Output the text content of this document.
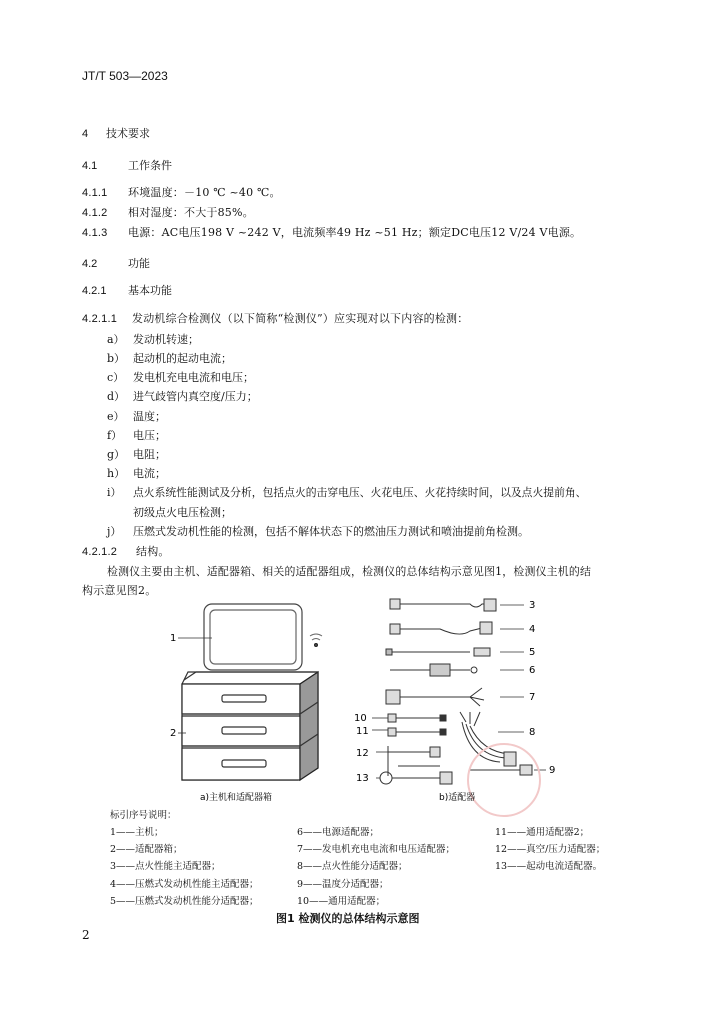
JT/T 503—2023
4 技术要求
4.1	工作条件
4.1.1 环境温度：－10 ℃ ~40 ℃。
4.1.2 相对湿度：不大于85%。
4.1.3 电源：AC电压198 V ~242 V，电流频率49 Hz ~51 Hz；额定DC电压12 V/24 V电源。
4.2	功能
4.2.1 基本功能
4.2.1.1 发动机综合检测仪（以下简称“检测仪”）应实现对以下内容的检测：
a） 发动机转速；
b） 起动机的起动电流；
c） 发电机充电电流和电压；
d） 进气歧管内真空度/压力；
e） 温度；
f） 电压；
g） 电阻；
h） 电流；
i） 点火系统性能测试及分析，包括点火的击穿电压、火花电压、火花持续时间，以及点火提前角、
初级点火电压检测；
j） 压燃式发动机性能的检测，包括不解体状态下的燃油压力测试和喷油提前角检测。
4.2.1.2 结构。
检测仪主要由主机、适配器箱、相关的适配器组成，检测仪的总体结构示意见图1，检测仪主机的结
构示意见图2。
1
2
3
4
5
6
7
8
9
10
11
12
13
a)主机和适配器箱	b)适配器
标引序号说明：
1——主机；
2——适配器箱；
3——点火性能主适配器；
4——压燃式发动机性能主适配器；
5——压燃式发动机性能分适配器；
6——电源适配器；
7——发电机充电电流和电压适配器；
8——点火性能分适配器；
9——温度分适配器；
10——通用适配器；
11——通用适配器2；
12——真空/压力适配器；
13——起动电流适配器。
图1 检测仪的总体结构示意图
2
